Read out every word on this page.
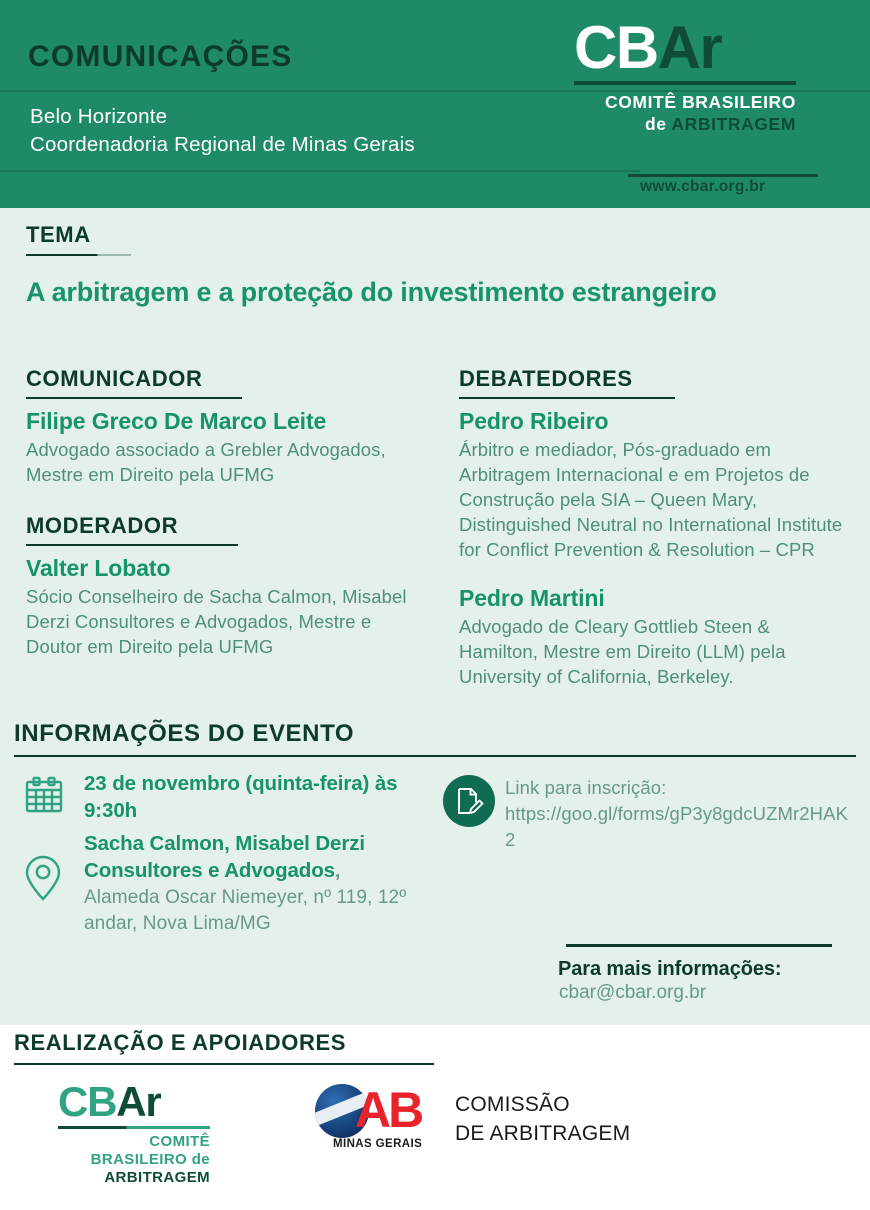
COMUNICAÇÕES
Belo Horizonte
Coordenadoria Regional de Minas Gerais
CBAr
COMITÊ BRASILEIRO
de ARBITRAGEM
www.cbar.org.br
TEMA
A arbitragem e a proteção do investimento estrangeiro
COMUNICADOR
Filipe Greco De Marco Leite
Advogado associado a Grebler Advogados, Mestre em Direito pela UFMG
MODERADOR
Valter Lobato
Sócio Conselheiro de Sacha Calmon, Misabel Derzi Consultores e Advogados, Mestre e Doutor em Direito pela UFMG
DEBATEDORES
Pedro Ribeiro
Árbitro e mediador, Pós-graduado em Arbitragem Internacional e em Projetos de Construção pela SIA – Queen Mary, Distinguished Neutral no International Institute for Conflict Prevention & Resolution – CPR
Pedro Martini
Advogado de Cleary Gottlieb Steen & Hamilton, Mestre em Direito (LLM) pela University of California, Berkeley.
INFORMAÇÕES DO EVENTO
23 de novembro (quinta-feira) às 9:30h
Sacha Calmon, Misabel Derzi Consultores e Advogados,
Alameda Oscar Niemeyer, nº 119, 12º andar, Nova Lima/MG
Link para inscrição:
https://goo.gl/forms/gP3y8gdcUZMr2HAK2
Para mais informações:
cbar@cbar.org.br
REALIZAÇÃO E APOIADORES
CBAr
COMITÊ
BRASILEIRO de
ARBITRAGEM
AB
MINAS GERAIS
COMISSÃO
DE ARBITRAGEM
